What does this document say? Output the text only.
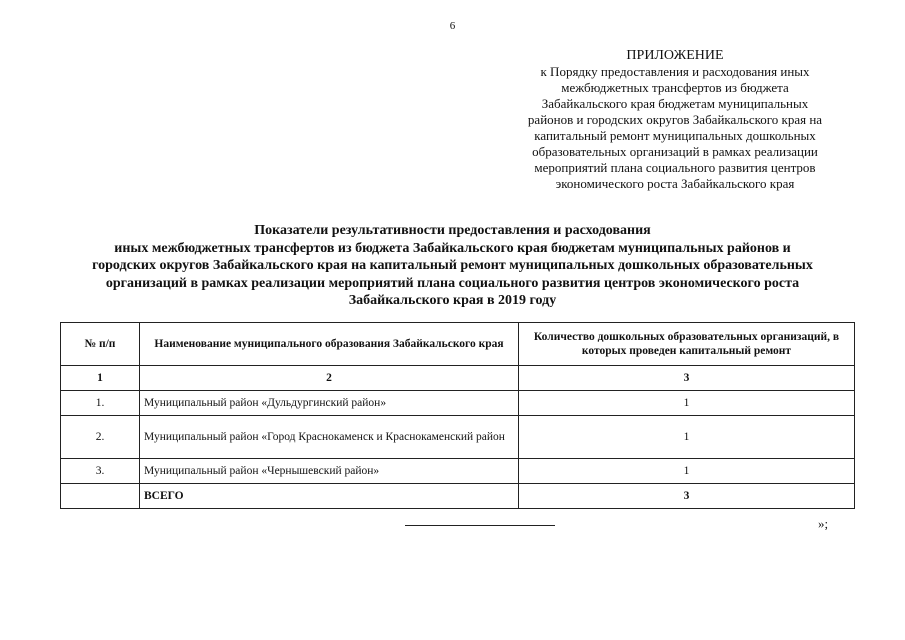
6
ПРИЛОЖЕНИЕ
к Порядку предоставления и расходования иных
межбюджетных трансфертов из бюджета
Забайкальского края бюджетам муниципальных
районов и городских округов Забайкальского края на
капитальный ремонт муниципальных дошкольных
образовательных организаций в рамках реализации
мероприятий плана социального развития центров
экономического роста Забайкальского края
Показатели результативности предоставления и расходования
иных межбюджетных трансфертов из бюджета Забайкальского края бюджетам муниципальных районов и
городских округов Забайкальского края на капитальный ремонт муниципальных дошкольных образовательных
организаций в рамках реализации мероприятий плана социального развития центров экономического роста
Забайкальского края в 2019 году
№ п/п	Наименование муниципального образования Забайкальского края	Количество дошкольных образовательных организаций, в которых проведен капитальный ремонт
1	2	3
1.	Муниципальный район «Дульдургинский район»	1
2.	Муниципальный район «Город Краснокаменск и Краснокаменский район	1
3.	Муниципальный район «Чернышевский район»	1
	ВСЕГО	3
»;
